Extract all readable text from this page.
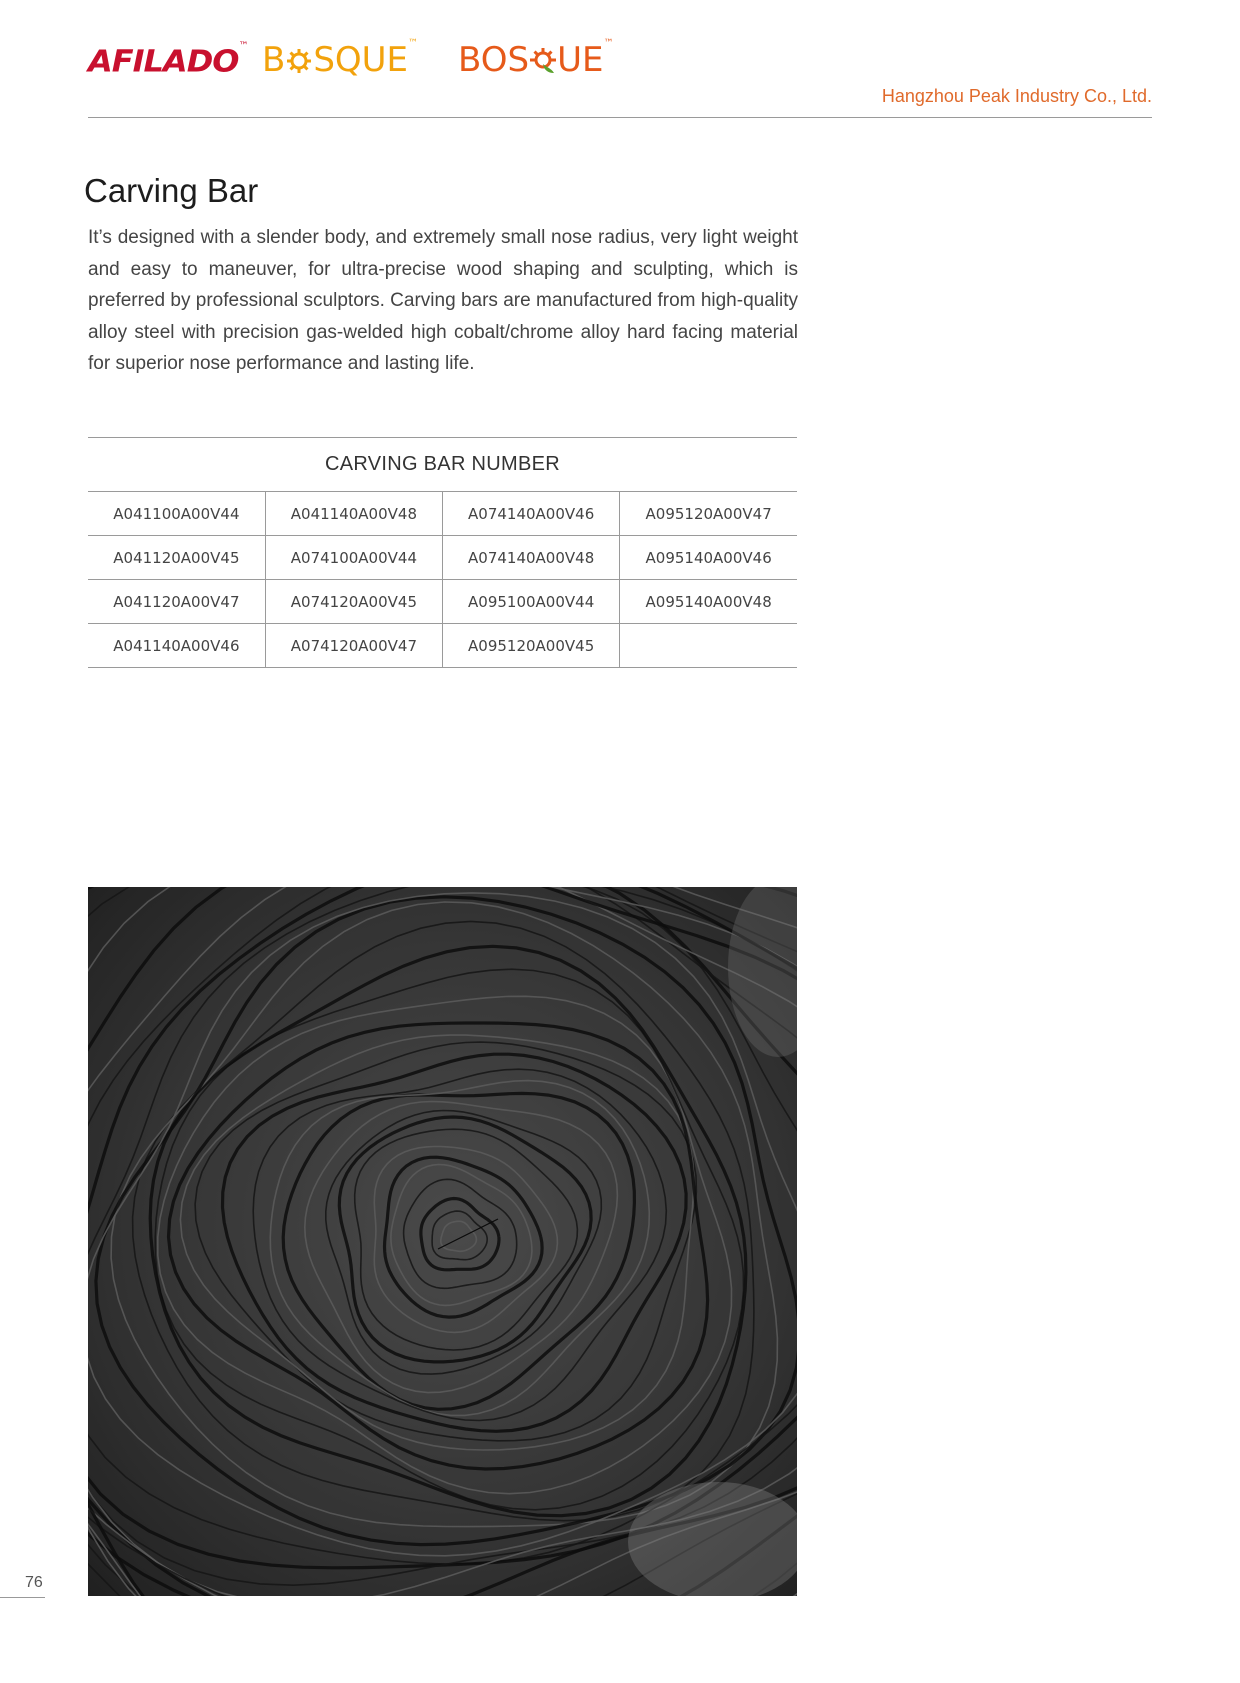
AFILADO™ B SQUE™ BOS UE™
Hangzhou Peak Industry Co., Ltd.
Carving Bar

It’s designed with a slender body, and extremely small nose radius, very light weight and easy to maneuver, for ultra-precise wood shaping and sculpting, which is preferred by professional sculptors. Carving bars are manufactured from high-quality alloy steel with precision gas-welded high cobalt/chrome alloy hard facing material for superior nose performance and lasting life.

CARVING BAR NUMBER
A041100A00V44	A041140A00V48	A074140A00V46	A095120A00V47
A041120A00V45	A074100A00V44	A074140A00V48	A095140A00V46
A041120A00V47	A074120A00V45	A095100A00V44	A095140A00V48
A041140A00V46	A074120A00V47	A095120A00V45	
76
